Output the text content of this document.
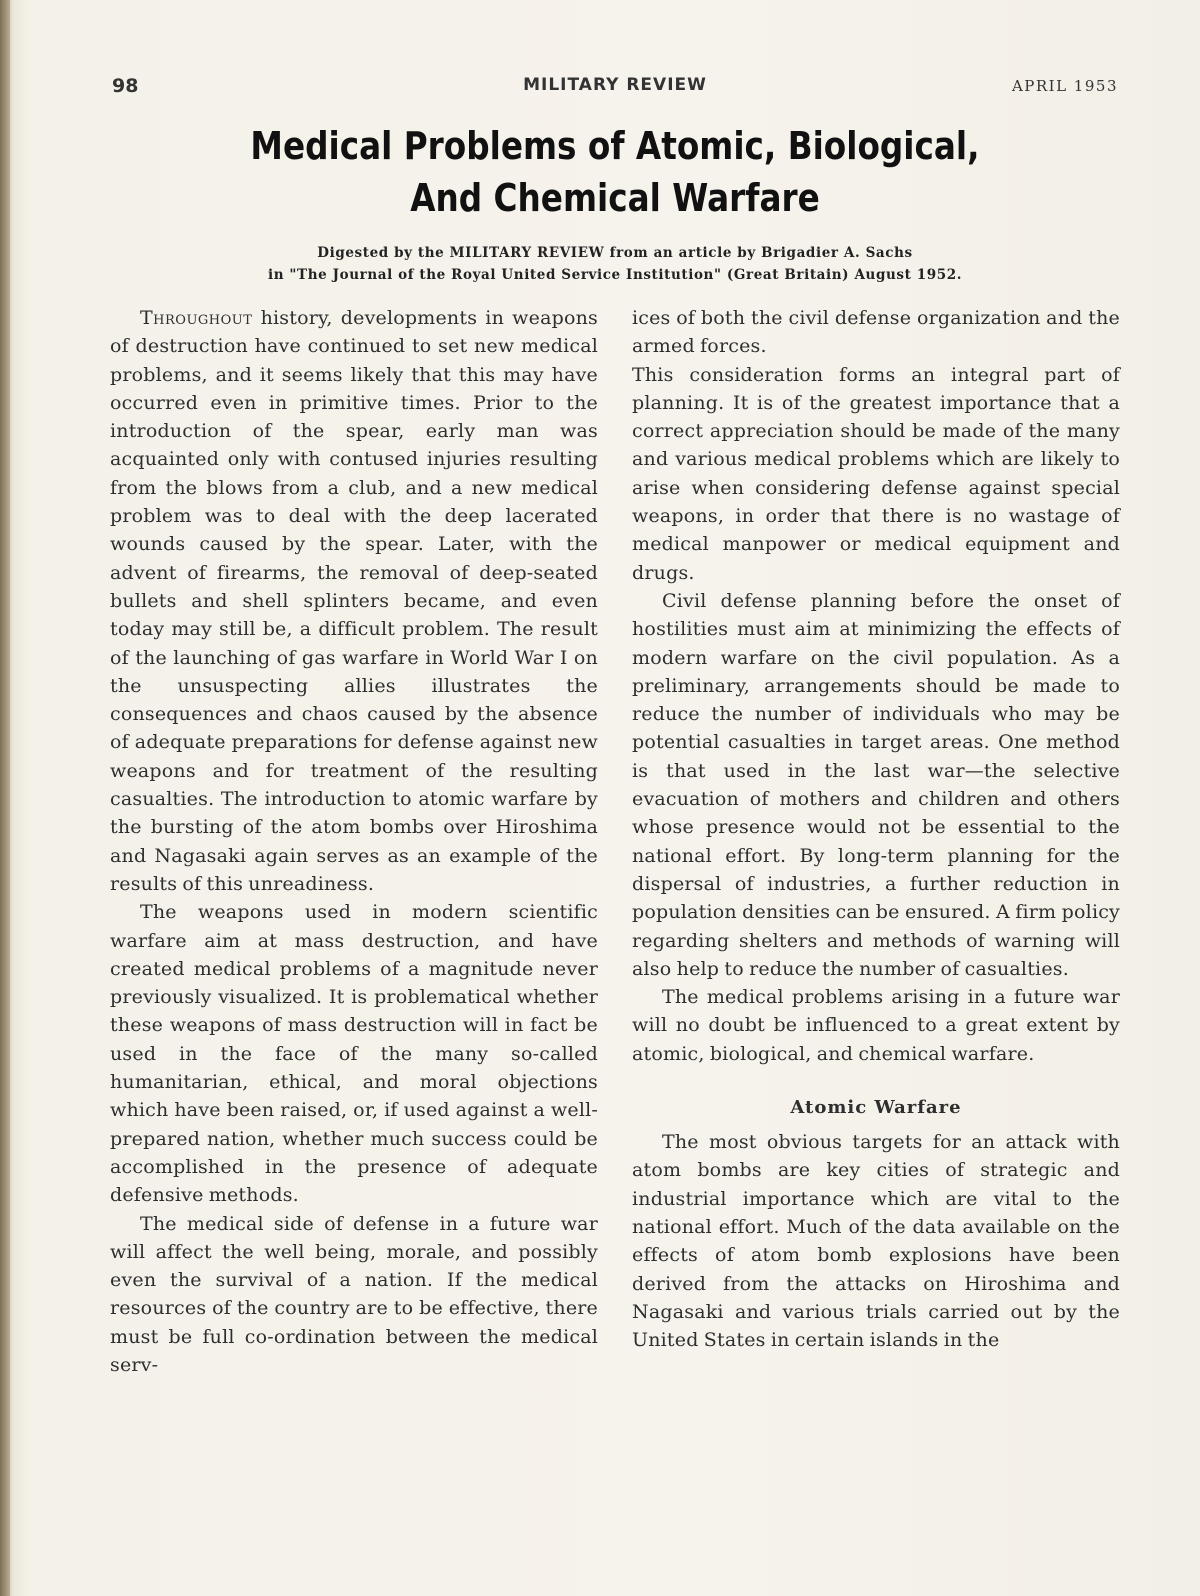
98	MILITARY REVIEW	APRIL 1953
Medical Problems of Atomic, Biological,
And Chemical Warfare
Digested by the MILITARY REVIEW from an article by Brigadier A. Sachs
in "The Journal of the Royal United Service Institution" (Great Britain) August 1952.

Throughout history, developments in weapons of destruction have continued to set new medical problems, and it seems likely that this may have occurred even in primitive times. Prior to the introduction of the spear, early man was acquainted only with contused injuries resulting from the blows from a club, and a new medical problem was to deal with the deep lacerated wounds caused by the spear. Later, with the advent of firearms, the removal of deep-seated bullets and shell splinters became, and even today may still be, a difficult problem. The result of the launching of gas warfare in World War I on the unsuspecting allies illustrates the consequences and chaos caused by the absence of adequate preparations for defense against new weapons and for treatment of the resulting casualties. The introduction to atomic warfare by the bursting of the atom bombs over Hiroshima and Nagasaki again serves as an example of the results of this unreadiness.

The weapons used in modern scientific warfare aim at mass destruction, and have created medical problems of a magnitude never previously visualized. It is problematical whether these weapons of mass destruction will in fact be used in the face of the many so-called humanitarian, ethical, and moral objections which have been raised, or, if used against a well-prepared nation, whether much success could be accomplished in the presence of adequate defensive methods.

The medical side of defense in a future war will affect the well being, morale, and possibly even the survival of a nation. If the medical resources of the country are to be effective, there must be full co-ordination between the medical serv-

ices of both the civil defense organization and the armed forces.

This consideration forms an integral part of planning. It is of the greatest importance that a correct appreciation should be made of the many and various medical problems which are likely to arise when considering defense against special weapons, in order that there is no wastage of medical manpower or medical equipment and drugs.

Civil defense planning before the onset of hostilities must aim at minimizing the effects of modern warfare on the civil population. As a preliminary, arrangements should be made to reduce the number of individuals who may be potential casualties in target areas. One method is that used in the last war—the selective evacuation of mothers and children and others whose presence would not be essential to the national effort. By long-term planning for the dispersal of industries, a further reduction in population densities can be ensured. A firm policy regarding shelters and methods of warning will also help to reduce the number of casualties.

The medical problems arising in a future war will no doubt be influenced to a great extent by atomic, biological, and chemical warfare.

Atomic Warfare

The most obvious targets for an attack with atom bombs are key cities of strategic and industrial importance which are vital to the national effort. Much of the data available on the effects of atom bomb explosions have been derived from the attacks on Hiroshima and Nagasaki and various trials carried out by the United States in certain islands in the
